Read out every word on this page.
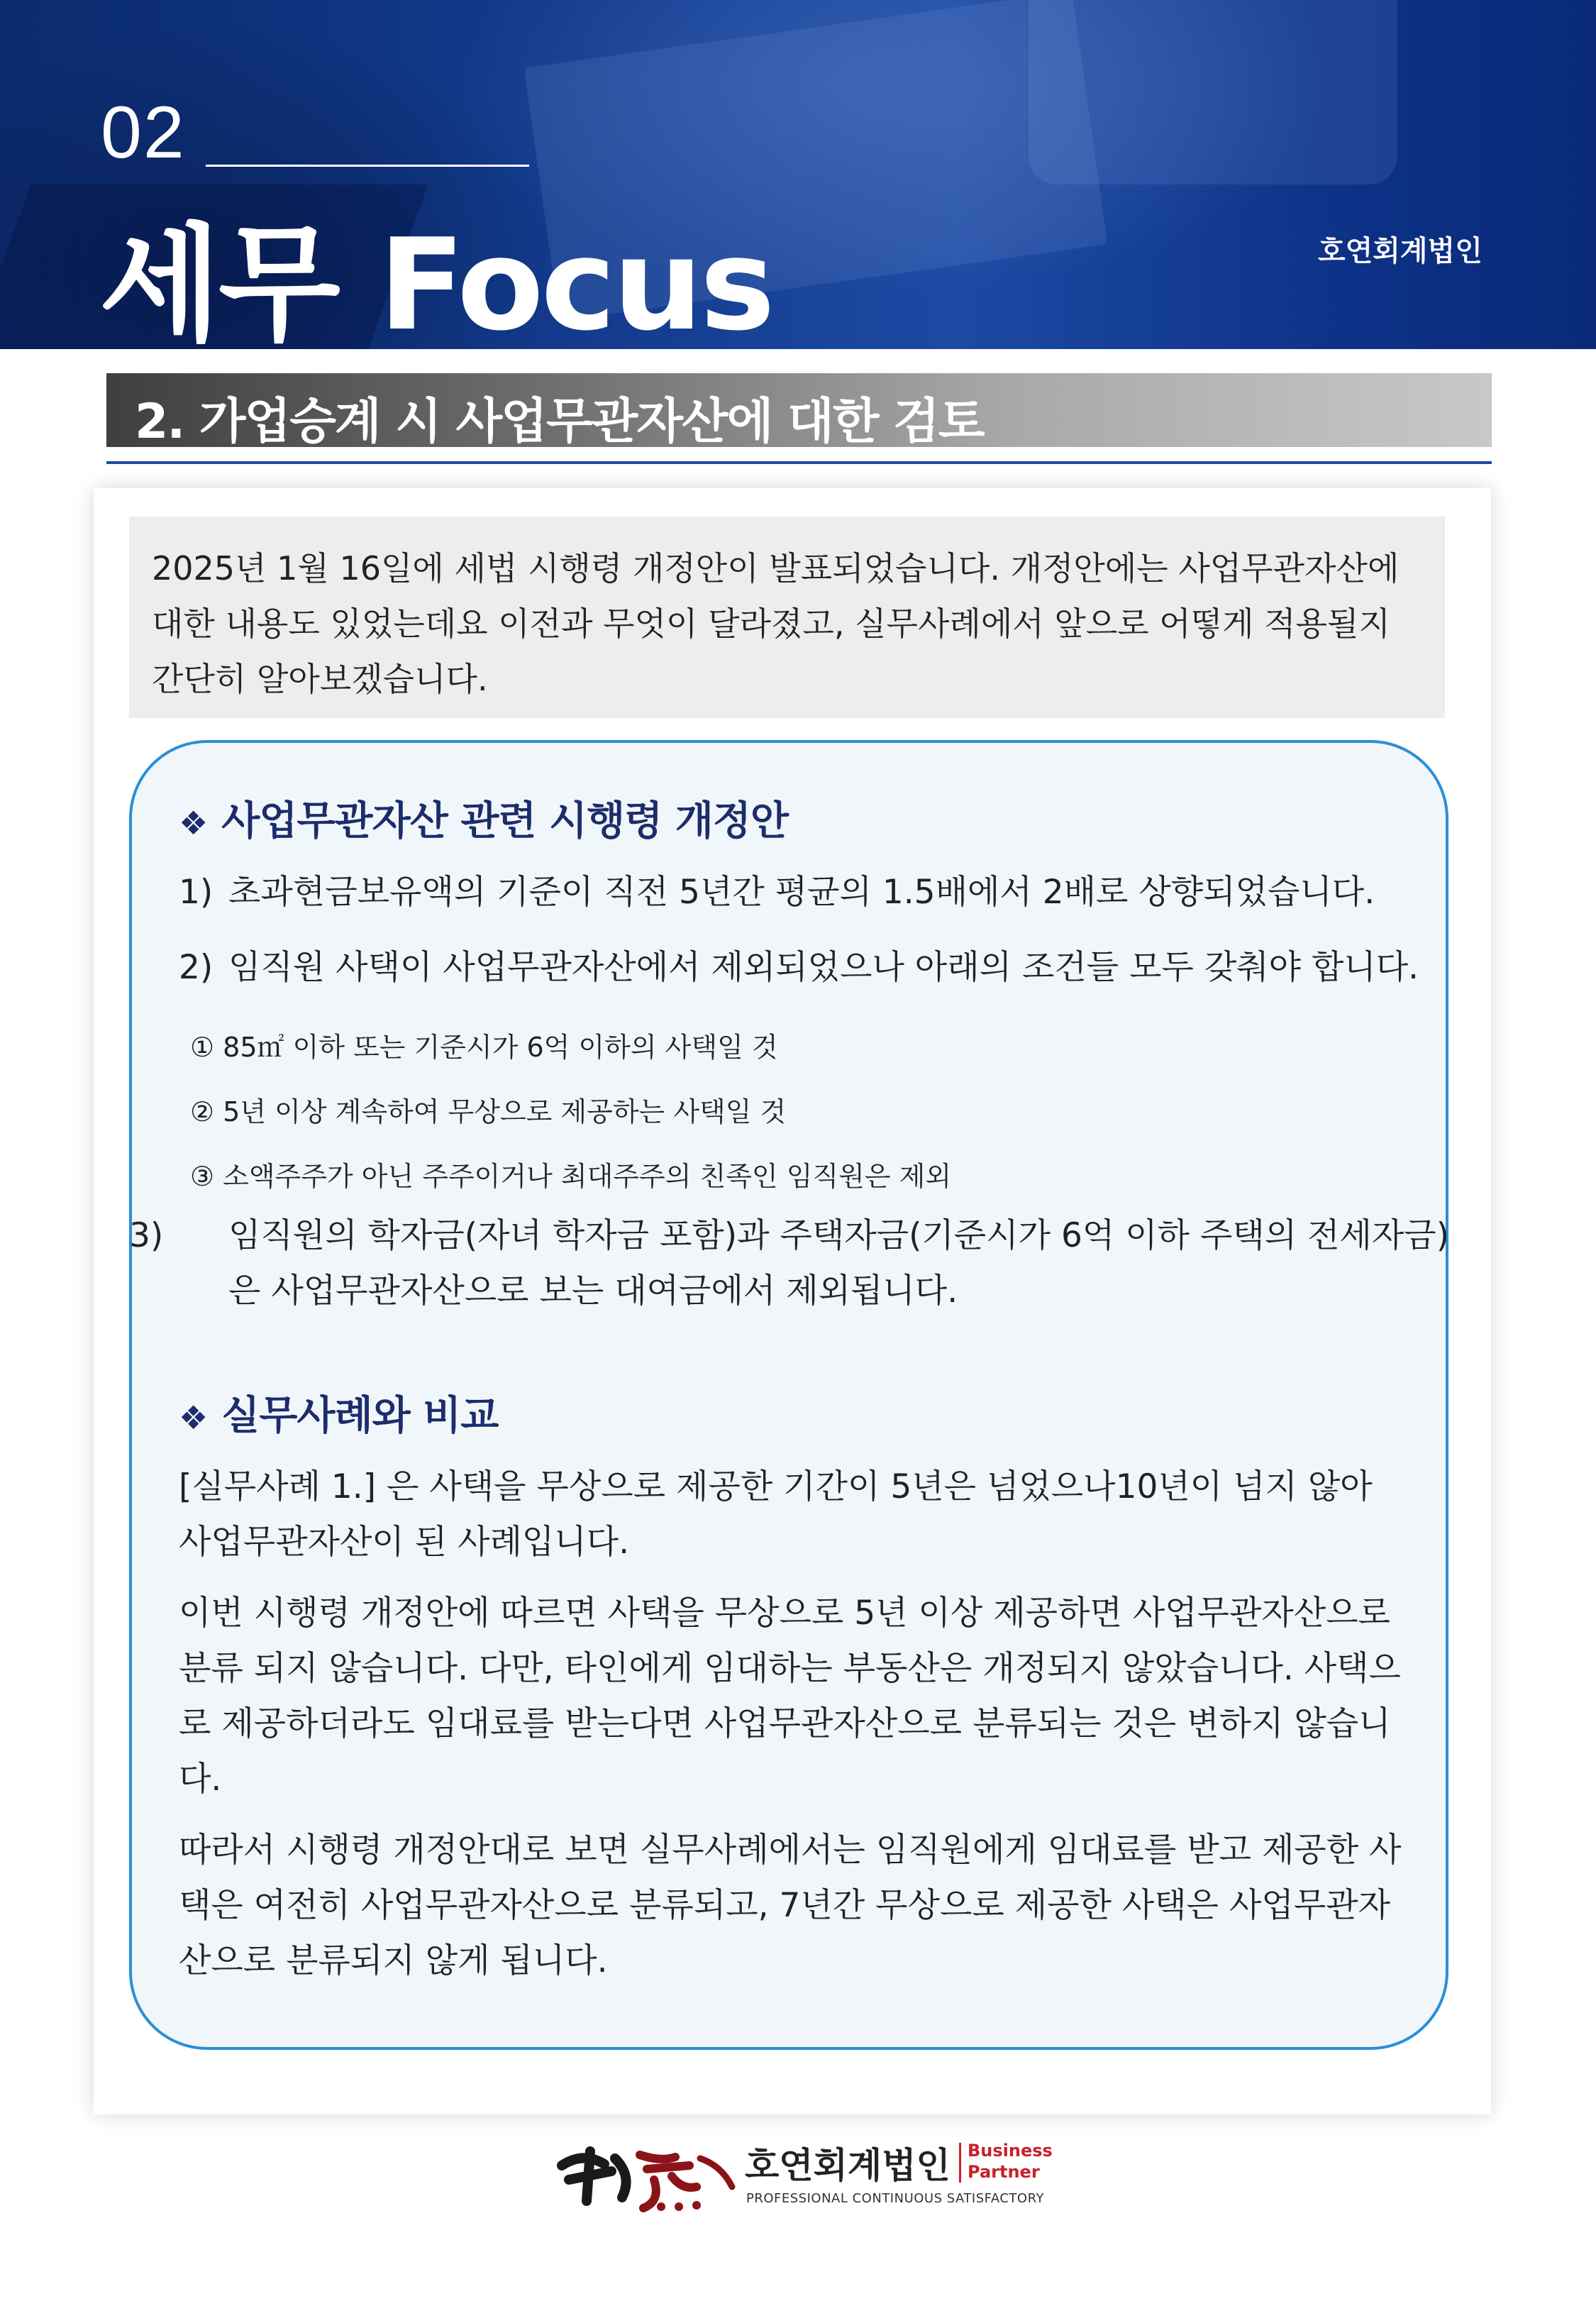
02
세무 Focus	호연회계법인
2. 가업승계 시 사업무관자산에 대한 검토

2025년 1월 16일에 세법 시행령 개정안이 발표되었습니다. 개정안에는 사업무관자산에 대한 내용도 있었는데요 이전과 무엇이 달라졌고, 실무사례에서 앞으로 어떻게 적용될지 간단히 알아보겠습니다.

❖ 사업무관자산 관련 시행령 개정안
1) 초과현금보유액의 기준이 직전 5년간 평균의 1.5배에서 2배로 상향되었습니다.
2) 임직원 사택이 사업무관자산에서 제외되었으나 아래의 조건들 모두 갖춰야 합니다.
① 85㎡ 이하 또는 기준시가 6억 이하의 사택일 것
② 5년 이상 계속하여 무상으로 제공하는 사택일 것
③ 소액주주가 아닌 주주이거나 최대주주의 친족인 임직원은 제외
3) 임직원의 학자금(자녀 학자금 포함)과 주택자금(기준시가 6억 이하 주택의 전세자금) 은 사업무관자산으로 보는 대여금에서 제외됩니다.
❖ 실무사례와 비교

[실무사례 1.] 은 사택을 무상으로 제공한 기간이 5년은 넘었으나10년이 넘지 않아 사업무관자산이 된 사례입니다.

이번 시행령 개정안에 따르면 사택을 무상으로 5년 이상 제공하면 사업무관자산으로 분류 되지 않습니다. 다만, 타인에게 임대하는 부동산은 개정되지 않았습니다. 사택으로 제공하더라도 임대료를 받는다면 사업무관자산으로 분류되는 것은 변하지 않습니다.

따라서 시행령 개정안대로 보면 실무사례에서는 임직원에게 임대료를 받고 제공한 사택은 여전히 사업무관자산으로 분류되고, 7년간 무상으로 제공한 사택은 사업무관자산으로 분류되지 않게 됩니다.

호연회계법인 Business
Partner
PROFESSIONAL CONTINUOUS SATISFACTORY
